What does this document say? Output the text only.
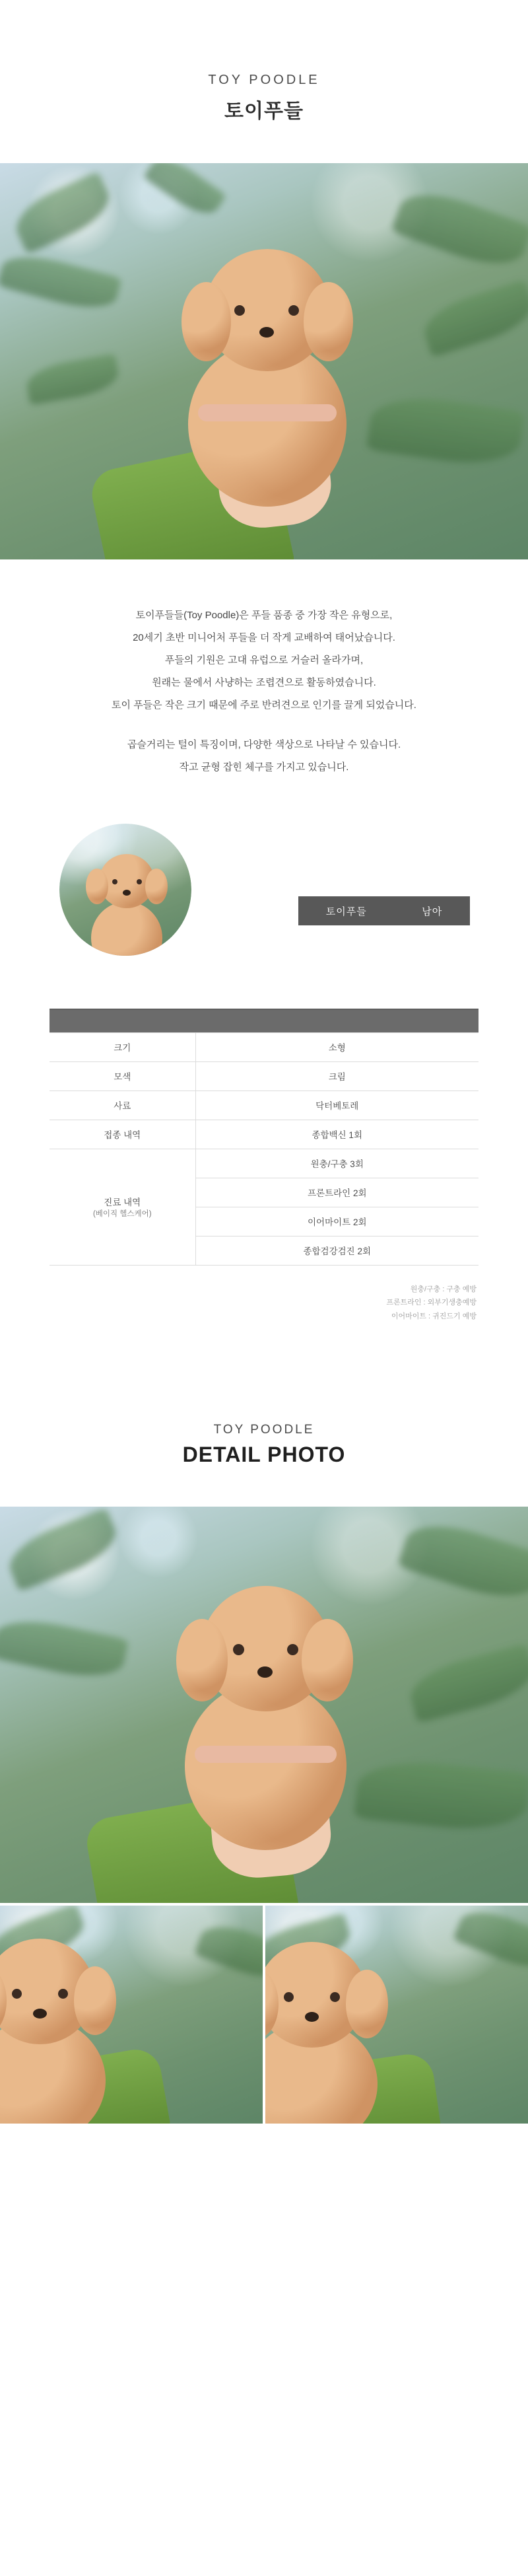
TOY POODLE
토이푸들

토이푸들들(Toy Poodle)은 푸들 품종 중 가장 작은 유형으로,

20세기 초반 미니어처 푸들을 더 작게 교배하여 태어났습니다.

푸들의 기원은 고대 유럽으로 거슬러 올라가며,

원래는 물에서 사냥하는 조렵견으로 활동하였습니다.

토이 푸들은 작은 크기 때문에 주로 반려견으로 인기를 끌게 되었습니다.

곱슬거리는 털이 특징이며, 다양한 색상으로 나타날 수 있습니다.

작고 균형 잡힌 체구를 가지고 있습니다.

토이푸들	남아

크기	소형
모색	크림
사료	닥터베토레
접종 내역	종합백신 1회
진료 내역
(베이직 헬스케어)	원충/구충 3회
	프론트라인 2회
	이어마이트 2회
	종합검강검진 2회
원충/구충 : 구충 예방
프론트라인 : 외부기생충예방
이어마이트 : 귀진드기 예방
TOY POODLE
DETAIL PHOTO
